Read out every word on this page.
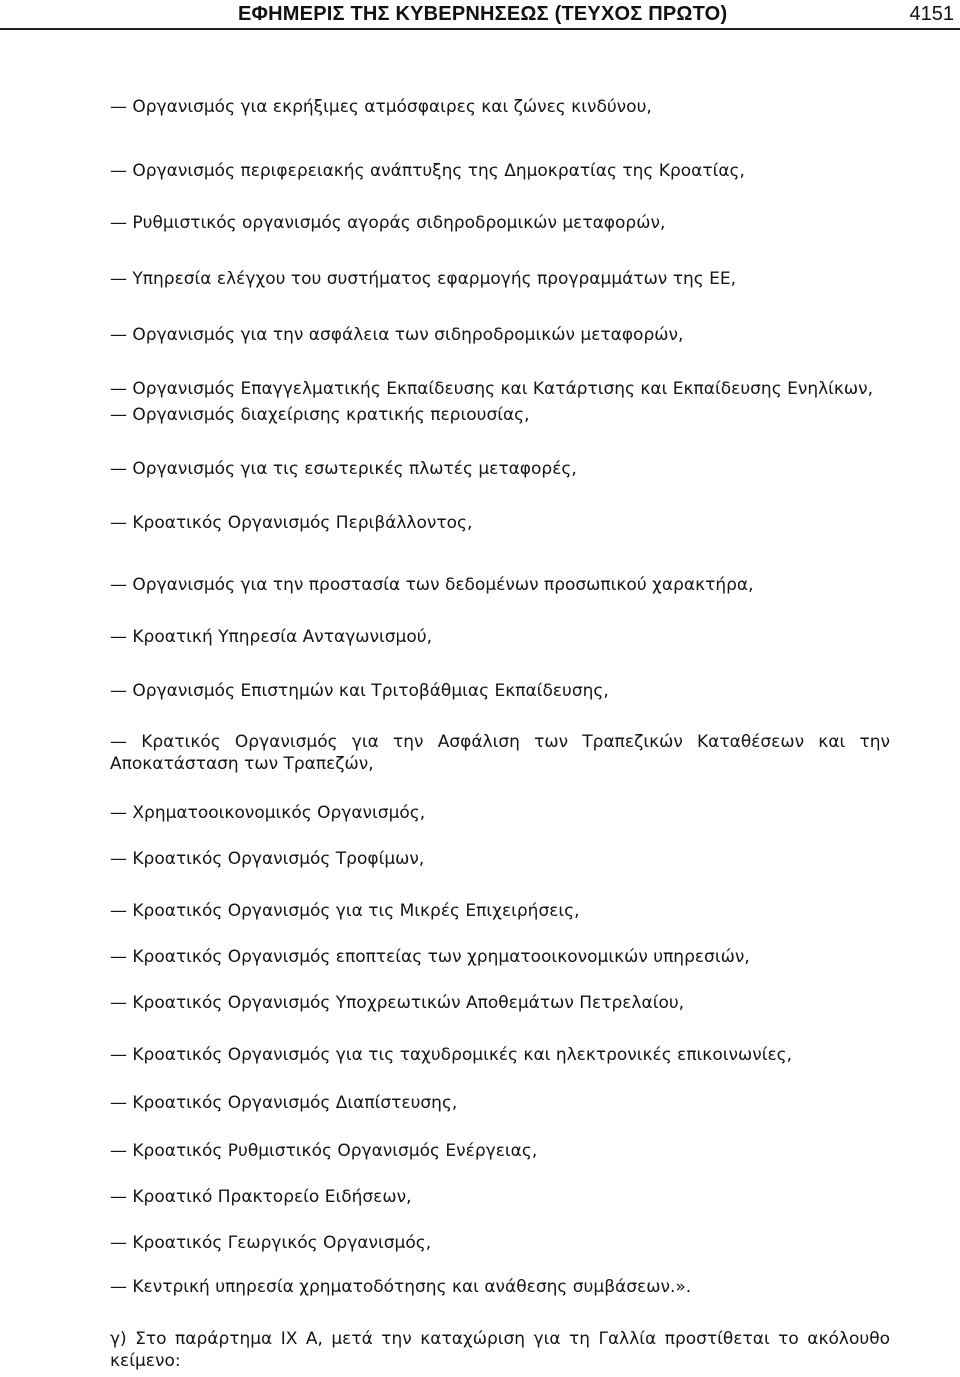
ΕΦΗΜΕΡΙΣ ΤΗΣ ΚΥΒΕΡΝΗΣΕΩΣ (ΤΕΥΧΟΣ ΠΡΩΤΟ)	4151
— Οργανισμός για εκρήξιμες ατμόσφαιρες και ζώνες κινδύνου,
— Οργανισμός περιφερειακής ανάπτυξης της Δημοκρατίας της Κροατίας,
— Ρυθμιστικός οργανισμός αγοράς σιδηροδρομικών μεταφορών,
— Υπηρεσία ελέγχου του συστήματος εφαρμογής προγραμμάτων της ΕΕ,
— Οργανισμός για την ασφάλεια των σιδηροδρομικών μεταφορών,
— Οργανισμός Επαγγελματικής Εκπαίδευσης και Κατάρτισης και Εκπαίδευσης Ενηλίκων,
— Οργανισμός διαχείρισης κρατικής περιουσίας,
— Οργανισμός για τις εσωτερικές πλωτές μεταφορές,
— Κροατικός Οργανισμός Περιβάλλοντος,
— Οργανισμός για την προστασία των δεδομένων προσωπικού χαρακτήρα,
— Κροατική Υπηρεσία Ανταγωνισμού,
— Οργανισμός Επιστημών και Τριτοβάθμιας Εκπαίδευσης,
— Κρατικός Οργανισμός για την Ασφάλιση των Τραπεζικών Καταθέσεων και την
Αποκατάσταση των Τραπεζών,
— Χρηματοοικονομικός Οργανισμός,
— Κροατικός Οργανισμός Τροφίμων,
— Κροατικός Οργανισμός για τις Μικρές Επιχειρήσεις,
— Κροατικός Οργανισμός εποπτείας των χρηματοοικονομικών υπηρεσιών,
— Κροατικός Οργανισμός Υποχρεωτικών Αποθεμάτων Πετρελαίου,
— Κροατικός Οργανισμός για τις ταχυδρομικές και ηλεκτρονικές επικοινωνίες,
— Κροατικός Οργανισμός Διαπίστευσης,
— Κροατικός Ρυθμιστικός Οργανισμός Ενέργειας,
— Κροατικό Πρακτορείο Ειδήσεων,
— Κροατικός Γεωργικός Οργανισμός,
— Κεντρική υπηρεσία χρηματοδότησης και ανάθεσης συμβάσεων.».
γ) Στο παράρτημα ΙΧ Α, μετά την καταχώριση για τη Γαλλία προστίθεται το ακόλουθο
κείμενο:
